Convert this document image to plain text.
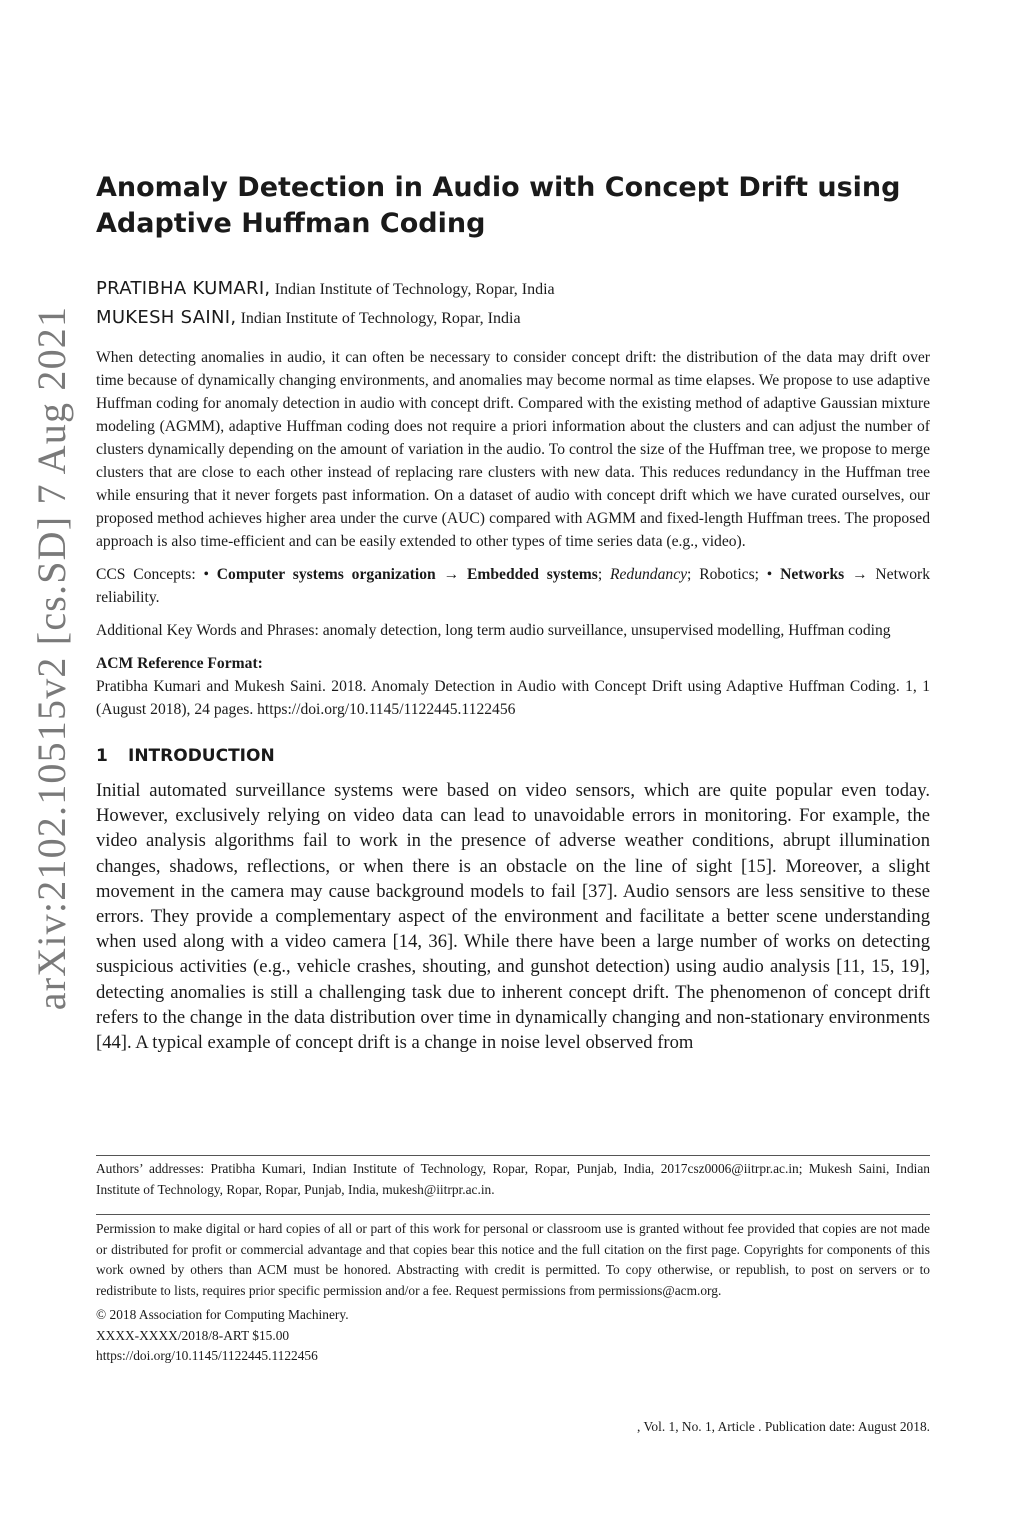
arXiv:2102.10515v2 [cs.SD] 7 Aug 2021
Anomaly Detection in Audio with Concept Drift using
Adaptive Huffman Coding
PRATIBHA KUMARI, Indian Institute of Technology, Ropar, India
MUKESH SAINI, Indian Institute of Technology, Ropar, India
When detecting anomalies in audio, it can often be necessary to consider concept drift: the distribution of the data may drift over time because of dynamically changing environments, and anomalies may become normal as time elapses. We propose to use adaptive Huffman coding for anomaly detection in audio with concept drift. Compared with the existing method of adaptive Gaussian mixture modeling (AGMM), adaptive Huffman coding does not require a priori information about the clusters and can adjust the number of clusters dynamically depending on the amount of variation in the audio. To control the size of the Huffman tree, we propose to merge clusters that are close to each other instead of replacing rare clusters with new data. This reduces redundancy in the Huffman tree while ensuring that it never forgets past information. On a dataset of audio with concept drift which we have curated ourselves, our proposed method achieves higher area under the curve (AUC) compared with AGMM and fixed-length Huffman trees. The proposed approach is also time-efficient and can be easily extended to other types of time series data (e.g., video).
CCS Concepts: • Computer systems organization → Embedded systems; Redundancy; Robotics; • Networks → Network reliability.
Additional Key Words and Phrases: anomaly detection, long term audio surveillance, unsupervised modelling, Huffman coding
ACM Reference Format:
Pratibha Kumari and Mukesh Saini. 2018. Anomaly Detection in Audio with Concept Drift using Adaptive Huffman Coding. 1, 1 (August 2018), 24 pages. https://doi.org/10.1145/1122445.1122456
1 INTRODUCTION
Initial automated surveillance systems were based on video sensors, which are quite popular even today. However, exclusively relying on video data can lead to unavoidable errors in monitoring. For example, the video analysis algorithms fail to work in the presence of adverse weather conditions, abrupt illumination changes, shadows, reflections, or when there is an obstacle on the line of sight [15]. Moreover, a slight movement in the camera may cause background models to fail [37]. Audio sensors are less sensitive to these errors. They provide a complementary aspect of the environment and facilitate a better scene understanding when used along with a video camera [14, 36]. While there have been a large number of works on detecting suspicious activities (e.g., vehicle crashes, shouting, and gunshot detection) using audio analysis [11, 15, 19], detecting anomalies is still a challenging task due to inherent concept drift. The phenomenon of concept drift refers to the change in the data distribution over time in dynamically changing and non-stationary environments [44]. A typical example of concept drift is a change in noise level observed from
Authors’ addresses: Pratibha Kumari, Indian Institute of Technology, Ropar, Ropar, Punjab, India, 2017csz0006@iitrpr.ac.in; Mukesh Saini, Indian Institute of Technology, Ropar, Ropar, Punjab, India, mukesh@iitrpr.ac.in.
Permission to make digital or hard copies of all or part of this work for personal or classroom use is granted without fee provided that copies are not made or distributed for profit or commercial advantage and that copies bear this notice and the full citation on the first page. Copyrights for components of this work owned by others than ACM must be honored. Abstracting with credit is permitted. To copy otherwise, or republish, to post on servers or to redistribute to lists, requires prior specific permission and/or a fee. Request permissions from permissions@acm.org.
© 2018 Association for Computing Machinery.
XXXX-XXXX/2018/8-ART $15.00
https://doi.org/10.1145/1122445.1122456
, Vol. 1, No. 1, Article . Publication date: August 2018.
